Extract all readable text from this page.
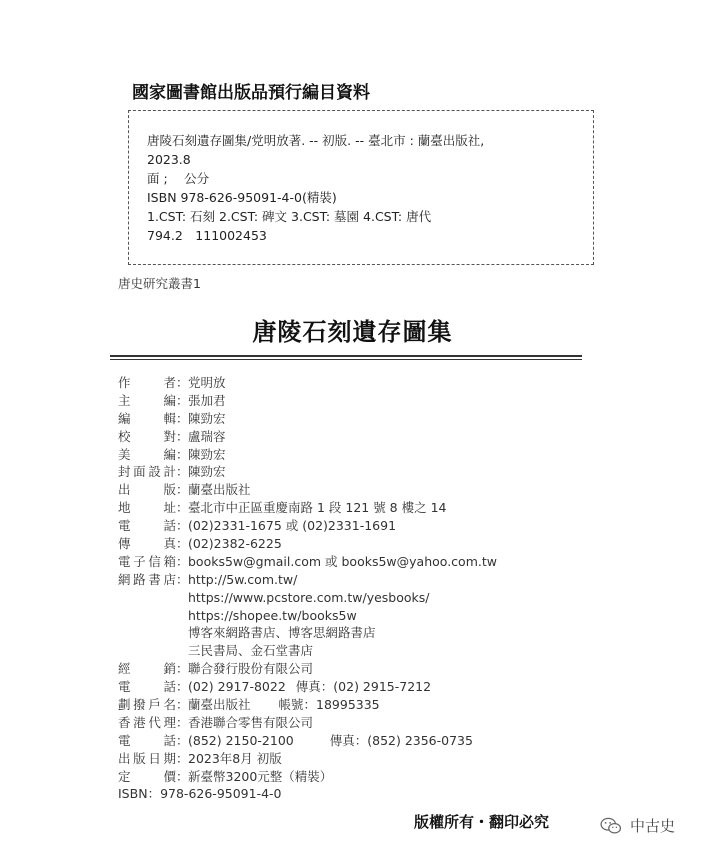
國家圖書館出版品預行編目資料
唐陵石刻遺存圖集/党明放著. -- 初版. -- 臺北市 : 蘭臺出版社,
2023.8
面 ;　 公分
ISBN 978-626-95091-4-0(精裝)
1.CST: 石刻 2.CST: 碑文 3.CST: 墓園 4.CST: 唐代
794.2　111002453
唐史研究叢書1
唐陵石刻遺存圖集
作者 ： 党明放
主編 ： 張加君
編輯 ： 陳勁宏
校對 ： 盧瑞容
美編 ： 陳勁宏
封面設計 ： 陳勁宏
出版 ： 蘭臺出版社
地址 ： 臺北市中正區重慶南路 1 段 121 號 8 樓之 14
電話 ： (02)2331-1675 或 (02)2331-1691
傳真 ： (02)2382-6225
電子信箱 ： books5w@gmail.com 或 books5w@yahoo.com.tw
網路書店 ： http://5w.com.tw/
https://www.pcstore.com.tw/yesbooks/
https://shopee.tw/books5w
博客來網路書店、博客思網路書店
三民書局、金石堂書店
經銷 ： 聯合發行股份有限公司
電話 ： (02) 2917-8022 傳真：(02) 2915-7212
劃撥戶名 ： 蘭臺出版社 帳號：18995335
香港代理 ： 香港聯合零售有限公司
電話 ： (852) 2150-2100	傳真：(852) 2356-0735
出版日期 ： 2023年8月 初版
定價 ： 新臺幣3200元整（精裝）
ISBN ： 978-626-95091-4-0
版權所有・翻印必究	中古史
